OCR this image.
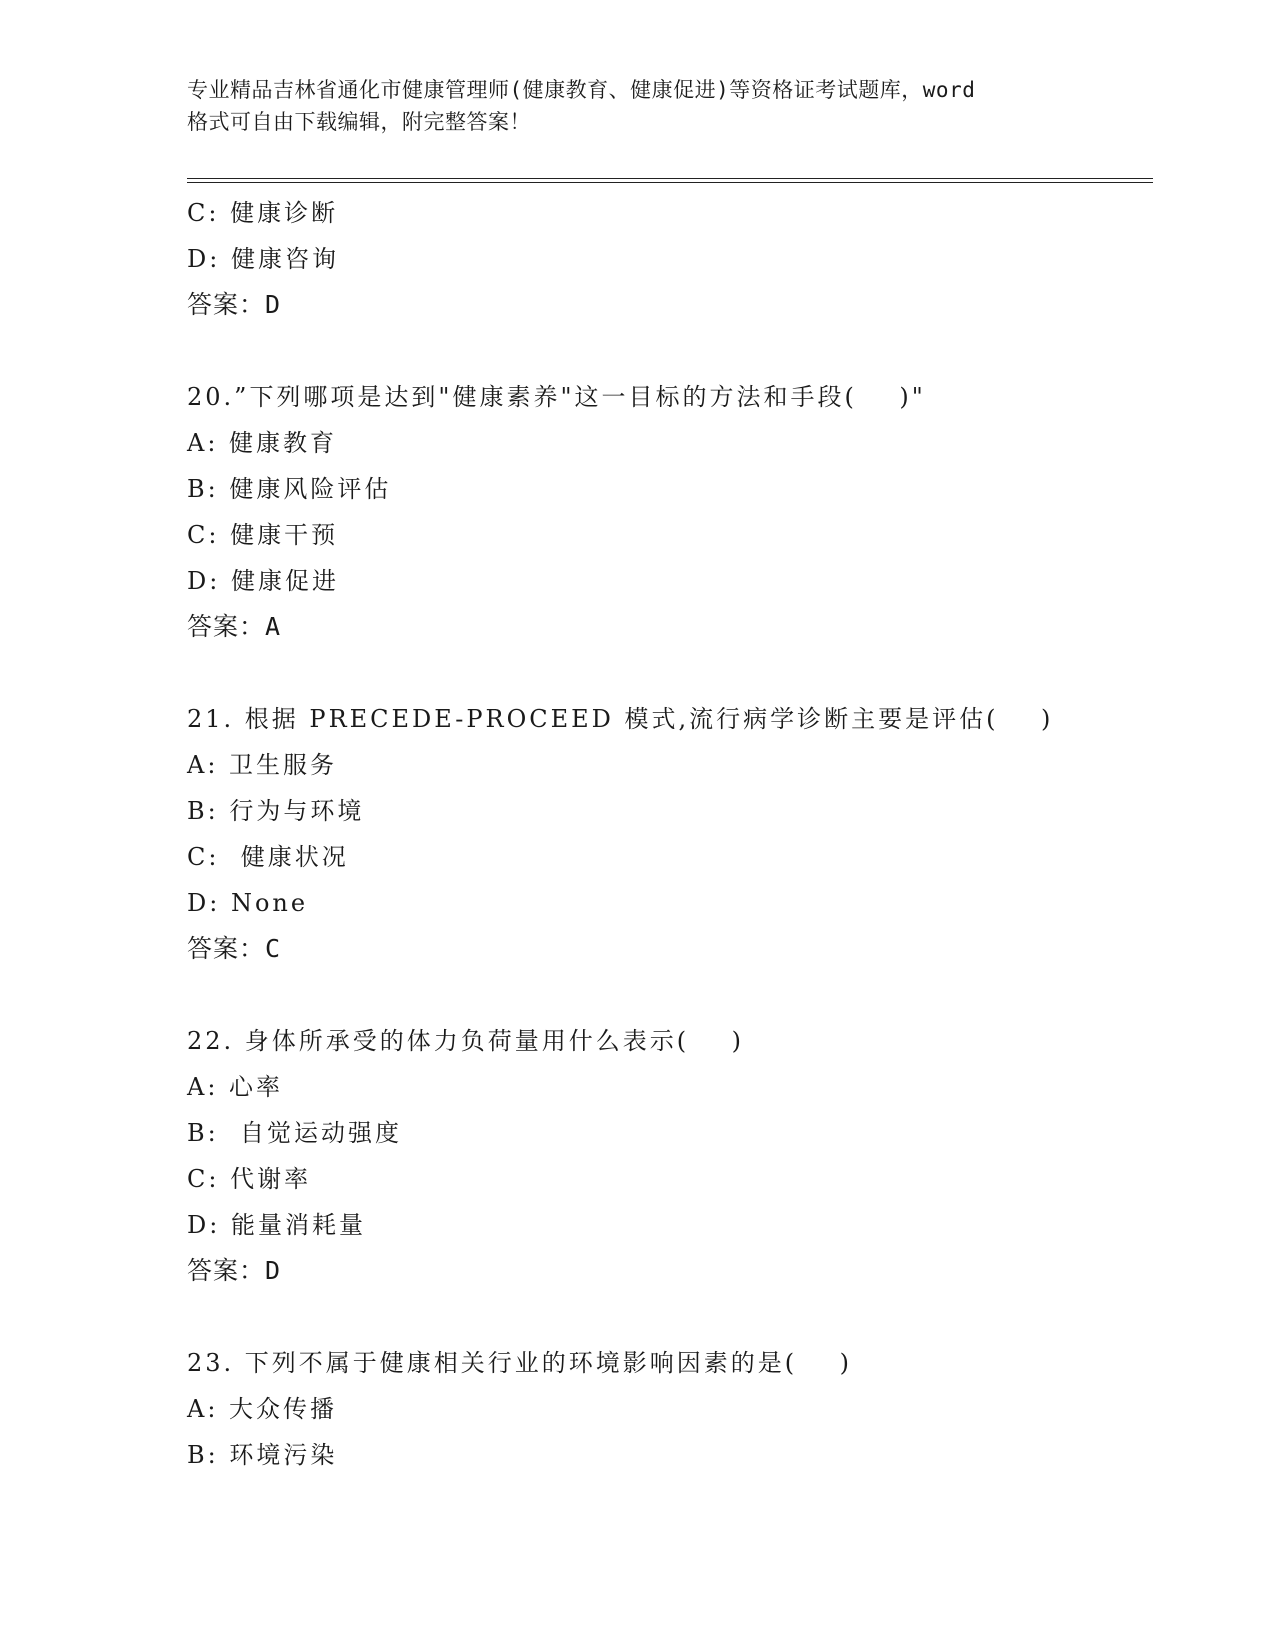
专业精品吉林省通化市健康管理师(健康教育、健康促进)等资格证考试题库，word
格式可自由下载编辑，附完整答案！
C: 健康诊断
D: 健康咨询
答案：D
20.”下列哪项是达到"健康素养"这一目标的方法和手段(    )"
A: 健康教育
B: 健康风险评估
C: 健康干预
D: 健康促进
答案：A
21. 根据 PRECEDE-PROCEED 模式,流行病学诊断主要是评估(    )
A: 卫生服务
B: 行为与环境
C:  健康状况
D: None
答案：C
22. 身体所承受的体力负荷量用什么表示(    )
A: 心率
B:  自觉运动强度
C: 代谢率
D: 能量消耗量
答案：D
23. 下列不属于健康相关行业的环境影响因素的是(    )
A: 大众传播
B: 环境污染
